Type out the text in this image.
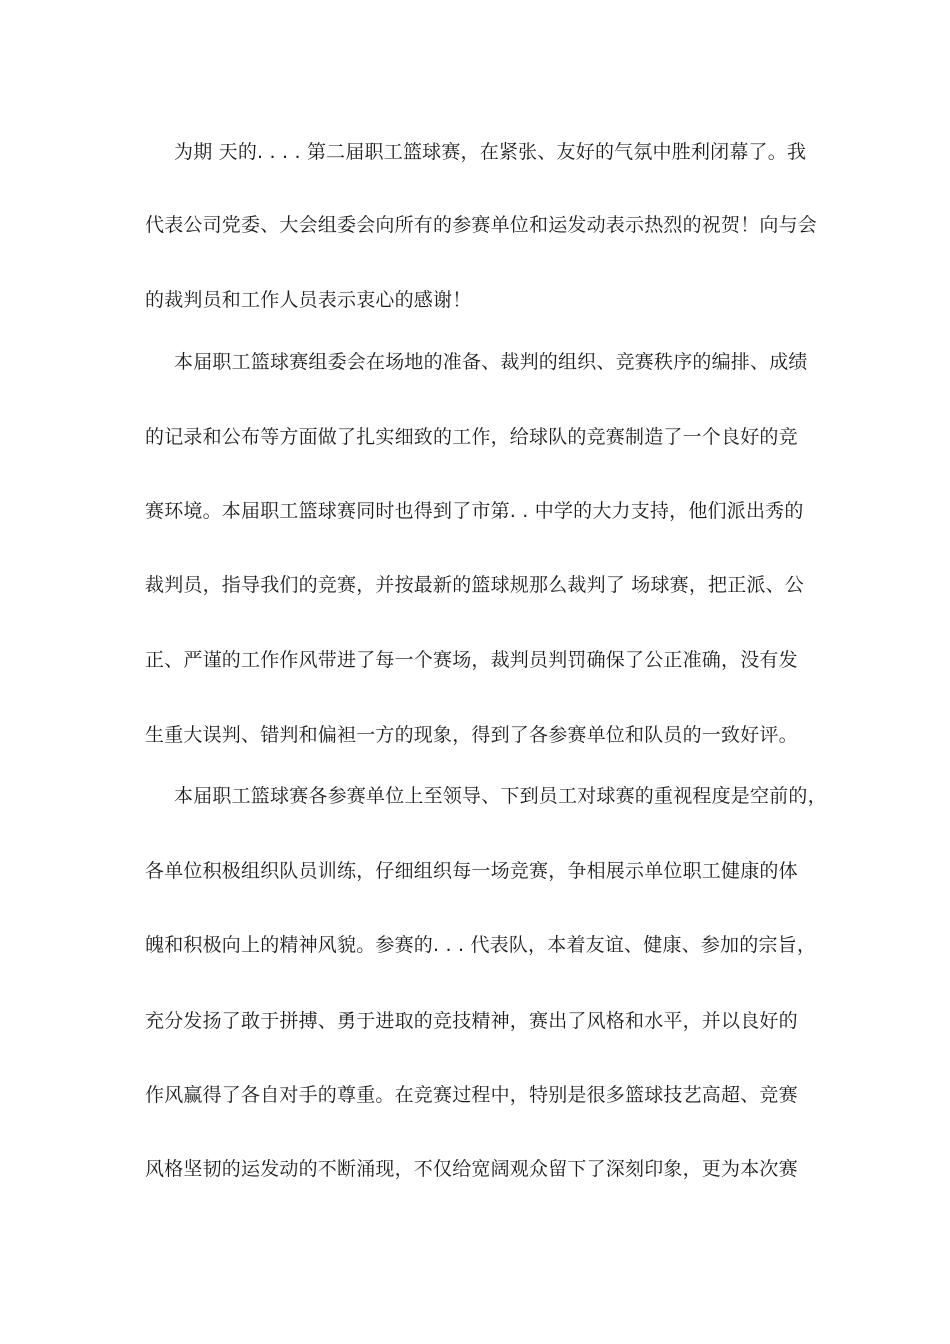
为期 天的. . . . 第二届职工篮球赛，在紧张、友好的气氛中胜利闭幕了。我
代表公司党委、大会组委会向所有的参赛单位和运发动表示热烈的祝贺！向与会
的裁判员和工作人员表示衷心的感谢！
本届职工篮球赛组委会在场地的准备、裁判的组织、竞赛秩序的编排、成绩
的记录和公布等方面做了扎实细致的工作，给球队的竞赛制造了一个良好的竞
赛环境。本届职工篮球赛同时也得到了市第. . 中学的大力支持，他们派出秀的
裁判员，指导我们的竞赛，并按最新的篮球规那么裁判了 场球赛，把正派、公
正、严谨的工作作风带进了每一个赛场，裁判员判罚确保了公正准确，没有发
生重大误判、错判和偏袒一方的现象，得到了各参赛单位和队员的一致好评。
本届职工篮球赛各参赛单位上至领导、下到员工对球赛的重视程度是空前的，
各单位积极组织队员训练，仔细组织每一场竞赛，争相展示单位职工健康的体
魄和积极向上的精神风貌。参赛的. . . 代表队，本着友谊、健康、参加的宗旨，
充分发扬了敢于拼搏、勇于进取的竞技精神，赛出了风格和水平，并以良好的
作风赢得了各自对手的尊重。在竞赛过程中，特别是很多篮球技艺高超、竞赛
风格坚韧的运发动的不断涌现，不仅给宽阔观众留下了深刻印象，更为本次赛
